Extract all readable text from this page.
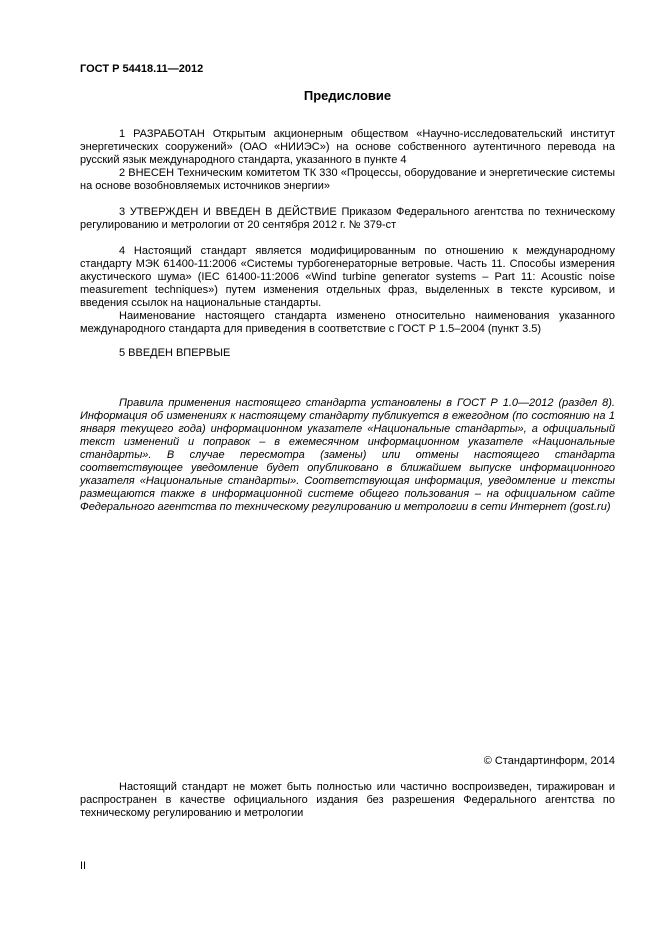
ГОСТ Р 54418.11—2012
Предисловие

1 РАЗРАБОТАН Открытым акционерным обществом «Научно-исследовательский институт энергетических сооружений» (ОАО «НИИЭС») на основе собственного аутентичного перевода на русский язык международного стандарта, указанного в пункте 4

2 ВНЕСЕН Техническим комитетом ТК 330 «Процессы, оборудование и энергетические системы на основе возобновляемых источников энергии»

3 УТВЕРЖДЕН И ВВЕДЕН В ДЕЙСТВИЕ Приказом Федерального агентства по техническому регулированию и метрологии от 20 сентября 2012 г. № 379-ст

4 Настоящий стандарт является модифицированным по отношению к международному стандарту МЭК 61400-11:2006 «Системы турбогенераторные ветровые. Часть 11. Способы измерения акустического шума» (IEC 61400-11:2006 «Wind turbine generator systems – Part 11: Acoustic noise measurement techniques») путем изменения отдельных фраз, выделенных в тексте курсивом, и введения ссылок на национальные стандарты.

Наименование настоящего стандарта изменено относительно наименования указанного международного стандарта для приведения в соответствие с ГОСТ Р 1.5–2004 (пункт 3.5)

5 ВВЕДЕН ВПЕРВЫЕ

Правила применения настоящего стандарта установлены в ГОСТ Р 1.0—2012 (раздел 8). Информация об изменениях к настоящему стандарту публикуется в ежегодном (по состоянию на 1 января текущего года) информационном указателе «Национальные стандарты», а официальный текст изменений и поправок – в ежемесячном информационном указателе «Национальные стандарты». В случае пересмотра (замены) или отмены настоящего стандарта соответствующее уведомление будет опубликовано в ближайшем выпуске информационного указателя «Национальные стандарты». Соответствующая информация, уведомление и тексты размещаются также в информационной системе общего пользования – на официальном сайте Федерального агентства по техническому регулированию и метрологии в сети Интернет (gost.ru)

© Стандартинформ, 2014

Настоящий стандарт не может быть полностью или частично воспроизведен, тиражирован и распространен в качестве официального издания без разрешения Федерального агентства по техническому регулированию и метрологии

II
